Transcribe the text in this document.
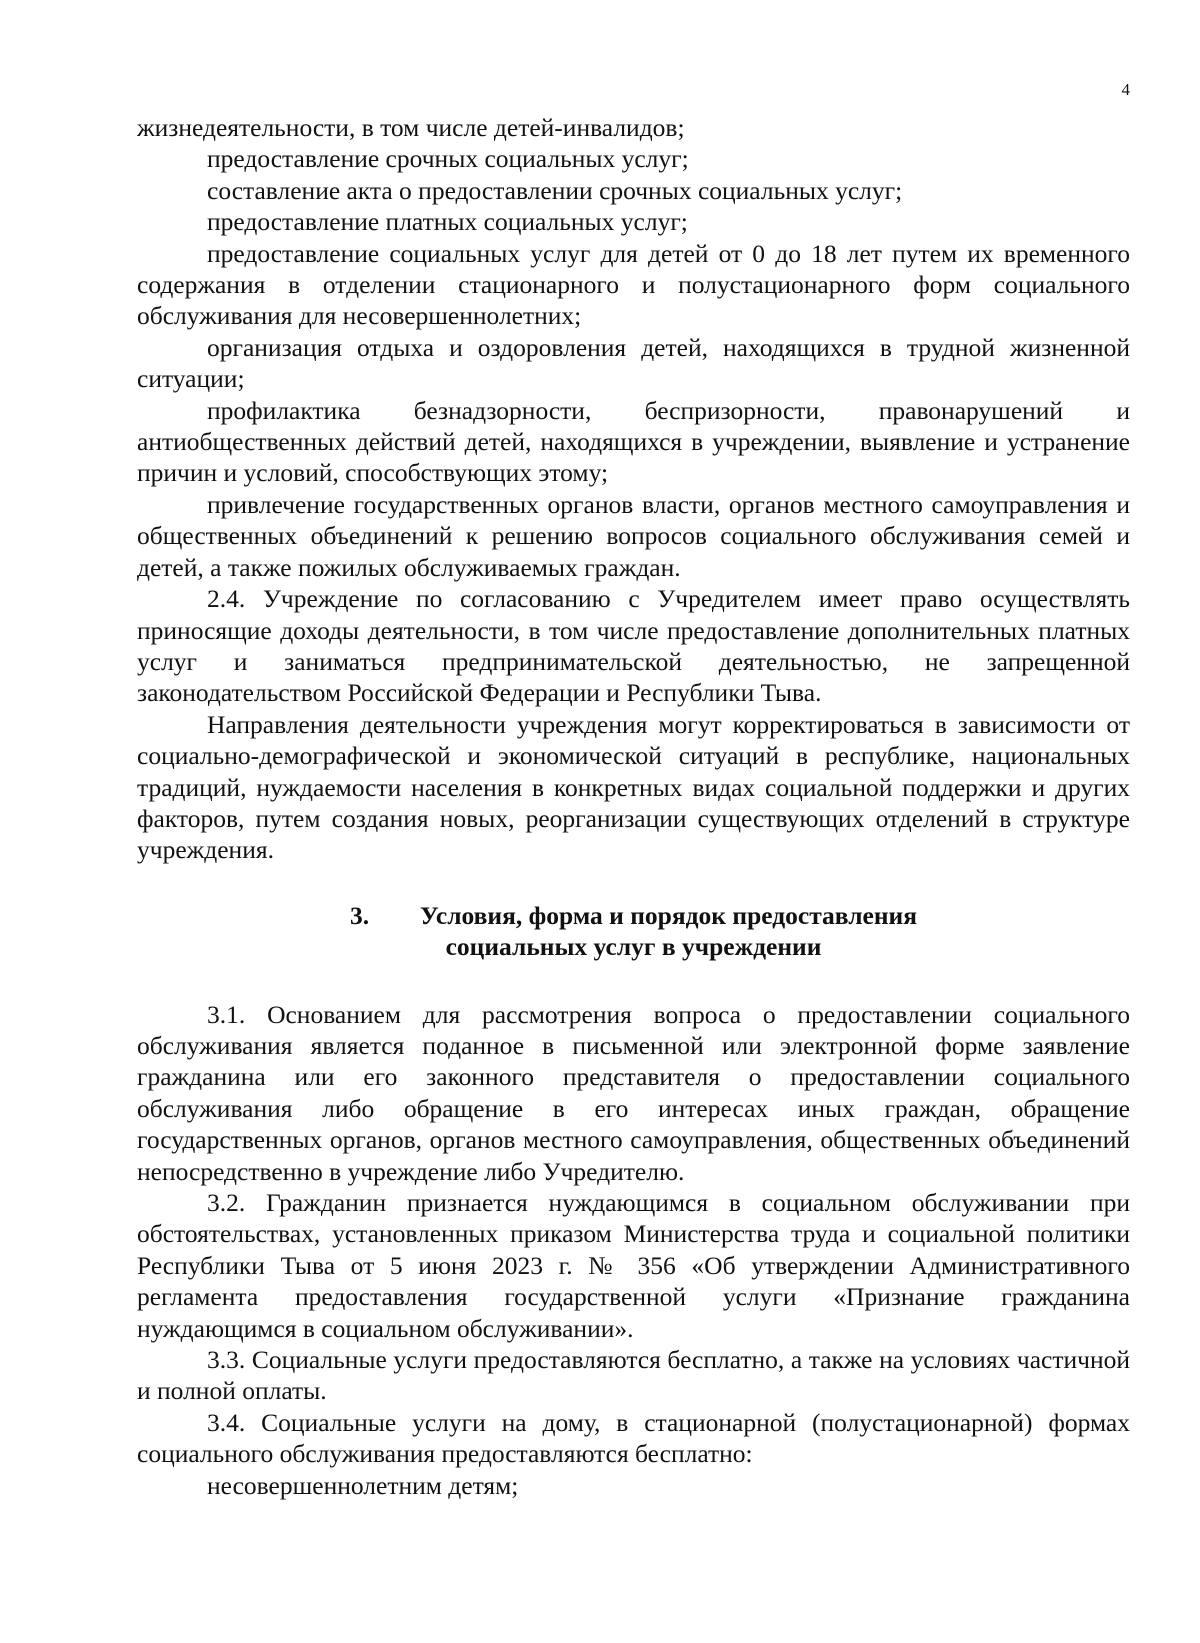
4

жизнедеятельности, в том числе детей-инвалидов;

предоставление срочных социальных услуг;

составление акта о предоставлении срочных социальных услуг;

предоставление платных социальных услуг;

предоставление социальных услуг для детей от 0 до 18 лет путем их временного содержания в отделении стационарного и полустационарного форм социального обслуживания для несовершеннолетних;

организация отдыха и оздоровления детей, находящихся в трудной жизненной ситуации;

профилактика безнадзорности, беспризорности, правонарушений и антиобщественных действий детей, находящихся в учреждении, выявление и устранение причин и условий, способствующих этому;

привлечение государственных органов власти, органов местного самоуправления и общественных объединений к решению вопросов социального обслуживания семей и детей, а также пожилых обслуживаемых граждан.

2.4. Учреждение по согласованию с Учредителем имеет право осуществлять приносящие доходы деятельности, в том числе предоставление дополнительных платных услуг и заниматься предпринимательской деятельностью, не запрещенной законодательством Российской Федерации и Республики Тыва.

Направления деятельности учреждения могут корректироваться в зависимости от социально-демографической и экономической ситуаций в республике, национальных традиций, нуждаемости населения в конкретных видах социальной поддержки и других факторов, путем создания новых, реорганизации существующих отделений в структуре учреждения.

3. Условия, форма и порядок предоставления
социальных услуг в учреждении

3.1. Основанием для рассмотрения вопроса о предоставлении социального обслуживания является поданное в письменной или электронной форме заявление гражданина или его законного представителя о предоставлении социального обслуживания либо обращение в его интересах иных граждан, обращение государственных органов, органов местного самоуправления, общественных объединений непосредственно в учреждение либо Учредителю.

3.2. Гражданин признается нуждающимся в социальном обслуживании при обстоятельствах, установленных приказом Министерства труда и социальной политики Республики Тыва от 5 июня 2023 г. № 356 «Об утверждении Административного регламента предоставления государственной услуги «Признание гражданина нуждающимся в социальном обслуживании».

3.3. Социальные услуги предоставляются бесплатно, а также на условиях частичной и полной оплаты.

3.4. Социальные услуги на дому, в стационарной (полустационарной) формах социального обслуживания предоставляются бесплатно:

несовершеннолетним детям;
